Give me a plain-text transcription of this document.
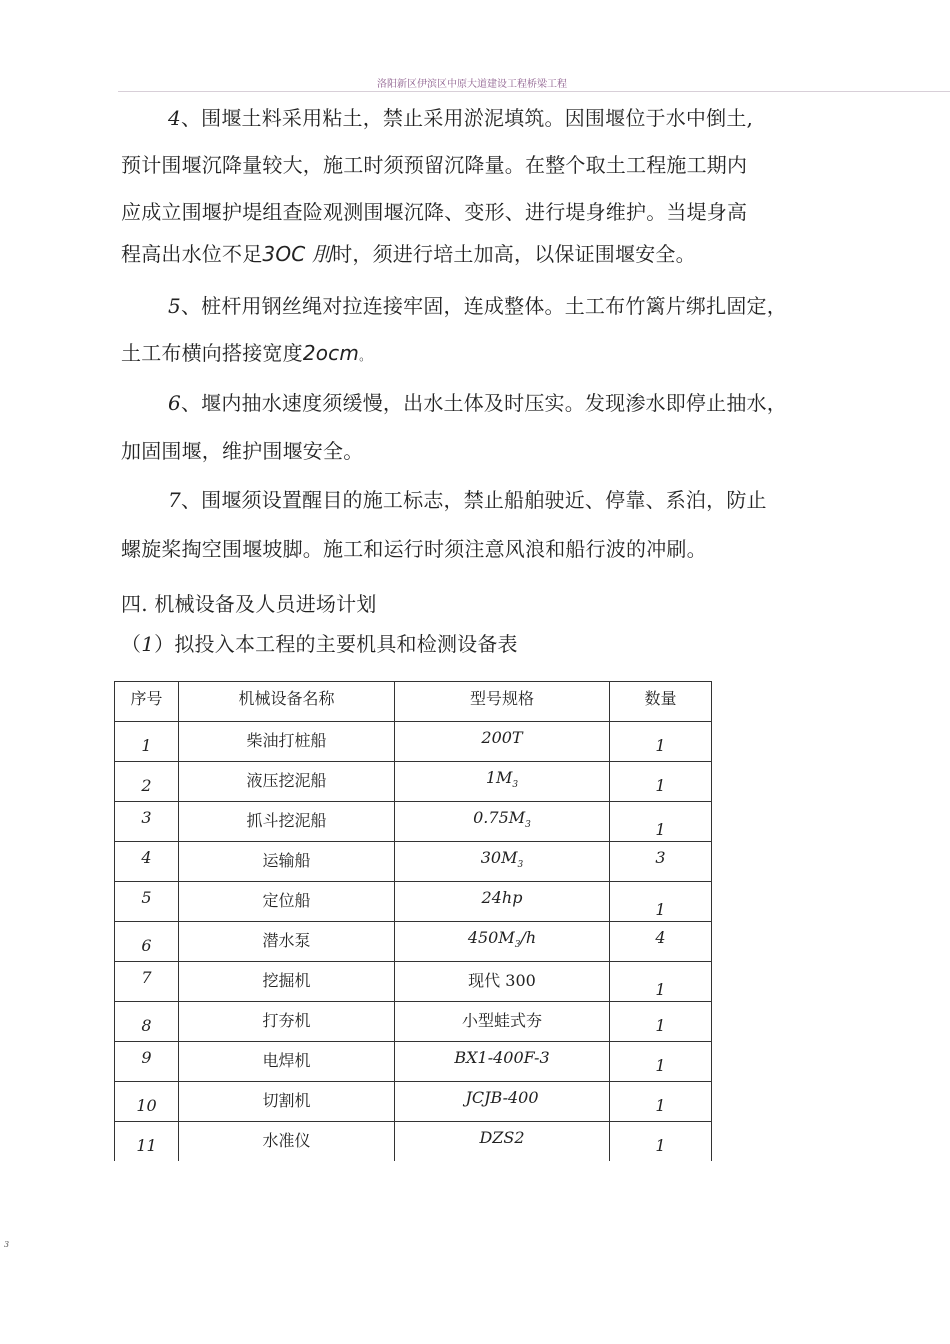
洛阳新区伊滨区中原大道建设工程桥梁工程
4、围堰土料采用粘土，禁止采用淤泥填筑。因围堰位于水中倒土,
预计围堰沉降量较大，施工时须预留沉降量。在整个取土工程施工期内
应成立围堰护堤组查险观测围堰沉降、变形、进行堤身维护。当堤身高
程高出水位不足3OC 刖时，须进行培土加高，以保证围堰安全。
5、桩杆用钢丝绳对拉连接牢固，连成整体。土工布竹篱片绑扎固定，
土工布横向搭接宽度2ocm。
6、堰内抽水速度须缓慢，出水土体及时压实。发现渗水即停止抽水，
加固围堰，维护围堰安全。
7、围堰须设置醒目的施工标志，禁止船舶驶近、停靠、系泊，防止
螺旋桨掏空围堰坡脚。施工和运行时须注意风浪和船行波的冲刷。
四. 机械设备及人员进场计划
（1）拟投入本工程的主要机具和检测设备表
序号	机械设备名称	型号规格	数量
1	柴油打桩船	200T	1
2	液压挖泥船	$1M_3$	1
3	抓斗挖泥船	$0.75M_3$	1
4	运输船	$30M_3$	3
5	定位船	24hp	1
6	潜水泵	$450M_3/h$	4
7	挖掘机	现代 300	1
8	打夯机	小型蛙式夯	1
9	电焊机	BX1-400F-3	1
10	切割机	JCJB-400	1
11	水准仪	DZS2	1
3
